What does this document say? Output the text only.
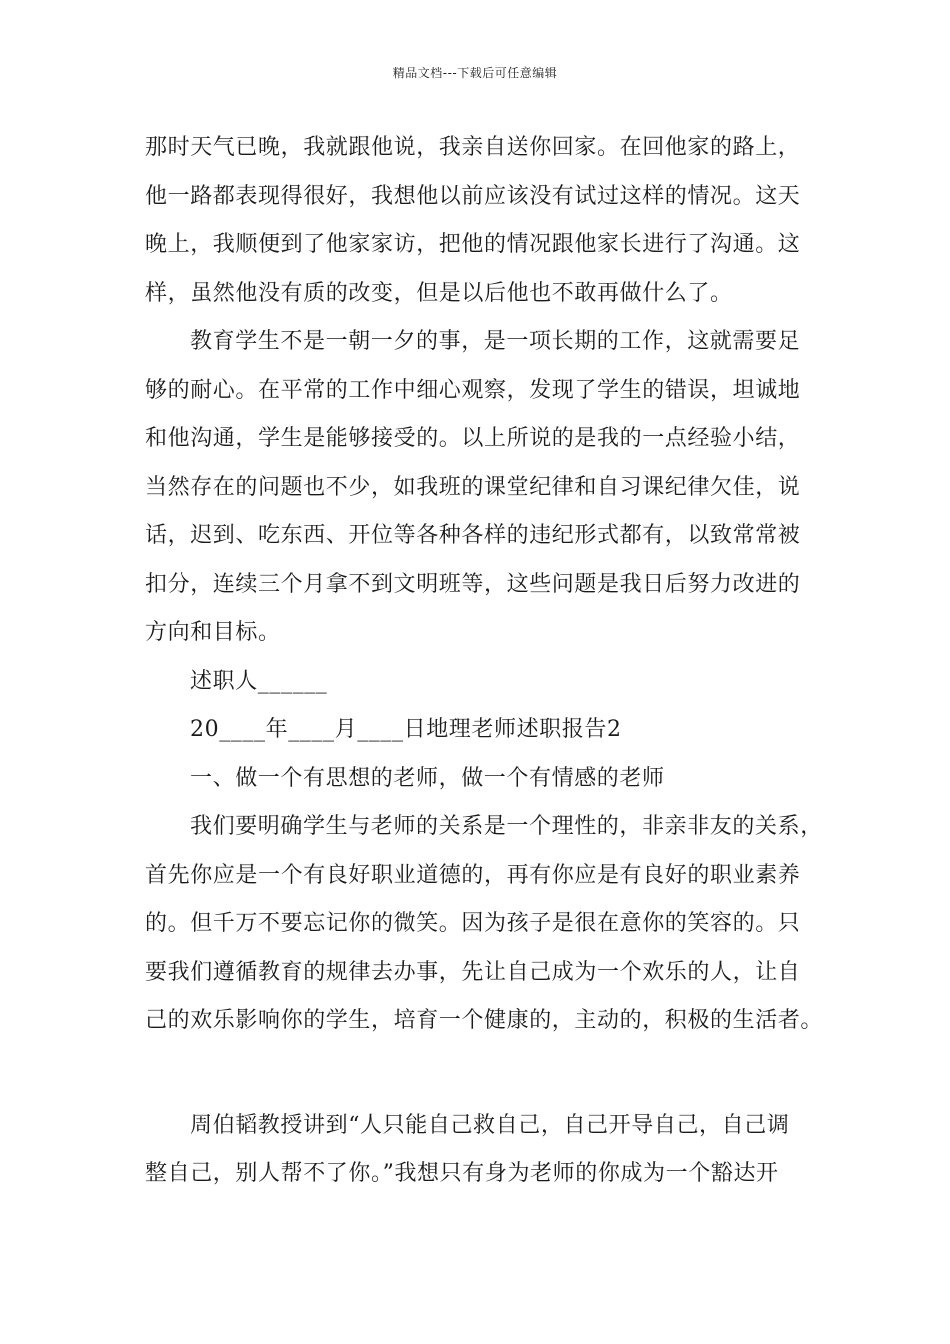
精品文档---下载后可任意编辑
那时天气已晚，我就跟他说，我亲自送你回家。在回他家的路上，
他一路都表现得很好，我想他以前应该没有试过这样的情况。这天
晚上，我顺便到了他家家访，把他的情况跟他家长进行了沟通。这
样，虽然他没有质的改变，但是以后他也不敢再做什么了。
教育学生不是一朝一夕的事，是一项长期的工作，这就需要足
够的耐心。在平常的工作中细心观察，发现了学生的错误，坦诚地
和他沟通，学生是能够接受的。以上所说的是我的一点经验小结，
当然存在的问题也不少，如我班的课堂纪律和自习课纪律欠佳，说
话，迟到、吃东西、开位等各种各样的违纪形式都有，以致常常被
扣分，连续三个月拿不到文明班等，这些问题是我日后努力改进的
方向和目标。
述职人______
20____年____月____日地理老师述职报告2
一、做一个有思想的老师，做一个有情感的老师
我们要明确学生与老师的关系是一个理性的，非亲非友的关系，
首先你应是一个有良好职业道德的，再有你应是有良好的职业素养
的。但千万不要忘记你的微笑。因为孩子是很在意你的笑容的。只
要我们遵循教育的规律去办事，先让自己成为一个欢乐的人，让自
己的欢乐影响你的学生，培育一个健康的，主动的，积极的生活者。
周伯韬教授讲到“人只能自己救自己，自己开导自己，自己调
整自己，别人帮不了你。”我想只有身为老师的你成为一个豁达开
